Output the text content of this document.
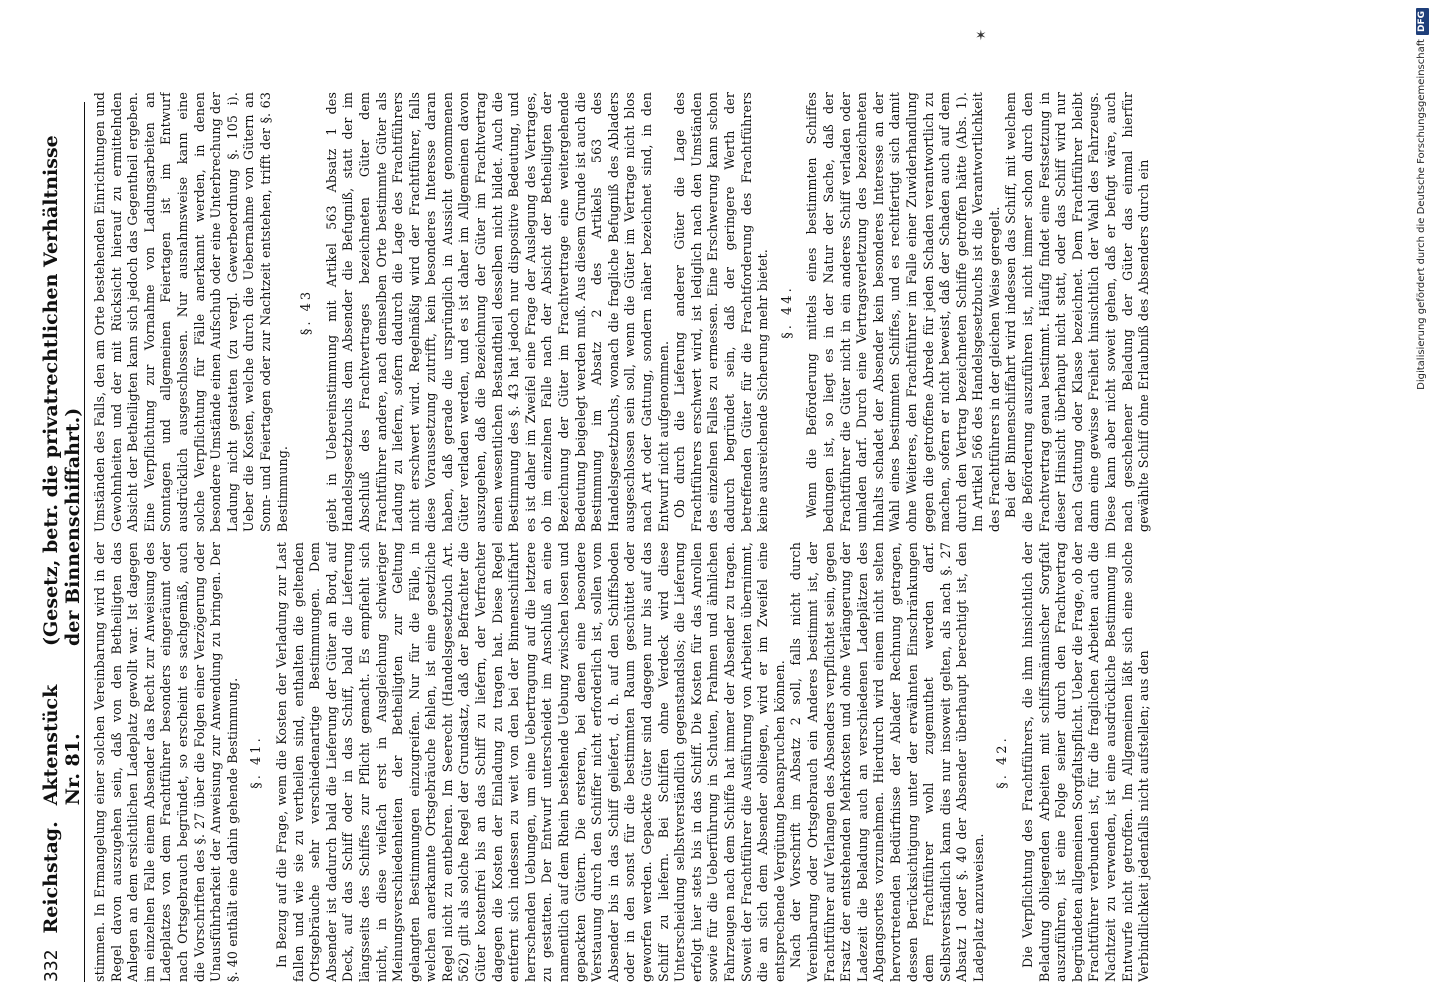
332
Reichstag.
Aktenstück Nr. 81.
(Gesetz, betr. die privatrechtlichen Verhältnisse der Binnenschiffahrt.)

stimmen. In Ermangelung einer solchen Vereinbarung wird in der Regel davon auszugehen sein, daß von den Betheiligten das Anlegen an dem ersichtlichen Ladeplatz gewollt war. Ist dagegen im einzelnen Falle einem Absender das Recht zur Anweisung des Ladeplatzes von dem Frachtführer besonders eingeräumt oder nach Ortsgebrauch begründet, so erscheint es sachgemäß, auch die Vorschriften des §. 27 über die Folgen einer Verzögerung oder Unausführbarkeit der Anweisung zur Anwendung zu bringen. Der §. 40 enthält eine dahin gehende Bestimmung. §. 41. In Bezug auf die Frage, wem die Kosten der Verladung zur Last fallen und wie sie zu vertheilen sind, enthalten die geltenden Ortsgebräuche sehr verschiedenartige Bestimmungen. Dem Absender ist dadurch bald die Lieferung der Güter an Bord, auf Deck, auf das Schiff oder in das Schiff, bald die Lieferung längsseits des Schiffes zur Pflicht gemacht. Es empfiehlt sich nicht, in diese vielfach erst in Ausgleichung schwieriger Meinungsverschiedenheiten der Betheiligten zur Geltung gelangten Bestimmungen einzugreifen. Nur für die Fälle, in welchen anerkannte Ortsgebräuche fehlen, ist eine gesetzliche Regel nicht zu entbehren. Im Seerecht (Handelsgesetzbuch Art. 562) gilt als solche Regel der Grundsatz, daß der Befrachter die Güter kostenfrei bis an das Schiff zu liefern, der Verfrachter dagegen die Kosten der Einladung zu tragen hat. Diese Regel entfernt sich indessen zu weit von den bei der Binnenschiffahrt herrschenden Uebungen, um eine Uebertragung auf die letztere zu gestatten. Der Entwurf unterscheidet im Anschluß an eine namentlich auf dem Rhein bestehende Uebung zwischen losen und gepackten Gütern. Die ersteren, bei denen eine besondere Verstauung durch den Schiffer nicht erforderlich ist, sollen vom Absender bis in das Schiff geliefert, d. h. auf den Schiffsboden oder in den sonst für die bestimmten Raum geschüttet oder geworfen werden. Gepackte Güter sind dagegen nur bis auf das Schiff zu liefern. Bei Schiffen ohne Verdeck wird diese Unterscheidung selbstverständlich gegenstandslos; die Lieferung erfolgt hier stets bis in das Schiff. Die Kosten für das Anrollen sowie für die Ueberführung in Schuten, Prahmen und ähnlichen Fahrzeugen nach dem Schiffe hat immer der Absender zu tragen. Soweit der Frachtführer die Ausführung von Arbeiten übernimmt, die an sich dem Absender obliegen, wird er im Zweifel eine entsprechende Vergütung beanspruchen können. Nach der Vorschrift im Absatz 2 soll, falls nicht durch Vereinbarung oder Ortsgebrauch ein Anderes bestimmt ist, der Frachtführer auf Verlangen des Absenders verpflichtet sein, gegen Ersatz der entstehenden Mehrkosten und ohne Verlängerung der Ladezeit die Beladung auch an verschiedenen Ladeplätzen des Abgangsortes vorzunehmen. Hierdurch wird einem nicht selten hervortretenden Bedürfnisse der Ablader Rechnung getragen, dessen Berücksichtigung unter der erwähnten Einschränkungen dem Frachtführer wohl zugemuthet werden darf. Selbstverständlich kann dies nur insoweit gelten, als nach §. 27 Absatz 1 oder §. 40 der Absender überhaupt berechtigt ist, den Ladeplatz anzuweisen.

§. 42. Die Verpflichtung des Frachtführers, die ihm hinsichtlich der Beladung obliegenden Arbeiten mit schiffsmännischer Sorgfalt auszuführen, ist eine Folge seiner durch den Frachtvertrag begründeten allgemeinen Sorgfaltspflicht. Ueber die Frage, ob der Frachtführer verbunden ist, für die fraglichen Arbeiten auch die Nachtzeit zu verwenden, ist eine ausdrückliche Bestimmung im Entwurfe nicht getroffen. Im Allgemeinen läßt sich eine solche Verbindlichkeit jedenfalls nicht aufstellen; aus den

Umständen des Falls, den am Orte bestehenden Einrichtungen und Gewohnheiten und der mit Rücksicht hierauf zu ermittelnden Absicht der Betheiligten kann sich jedoch das Gegentheil ergeben. Eine Verpflichtung zur Vornahme von Ladungsarbeiten an Sonntagen und allgemeinen Feiertagen ist im Entwurf ausdrücklich ausgeschlossen. Nur ausnahmsweise kann eine solche Verpflichtung für Fälle anerkannt werden, in denen besondere Umstände einen Aufschub oder eine Unterbrechung der Ladung nicht gestatten (zu vergl. Gewerbeordnung §. 105 i). Ueber die Kosten, welche durch die Uebernahme von Gütern an Sonn- und Feiertagen oder zur Nachtzeit entstehen, trifft der §. 63 Bestimmung.

§. 43 giebt in Uebereinstimmung mit Artikel 563 Absatz 1 des Handelsgesetzbuchs dem Absender die Befugniß, statt der im Abschluß des Frachtvertrages bezeichneten Güter dem Frachtführer andere, nach demselben Orte bestimmte Güter als Ladung zu liefern, sofern dadurch die Lage des Frachtführers nicht erschwert wird. Regelmäßig wird der Frachtführer, falls diese Voraussetzung zutrifft, kein besonderes Interesse daran haben, daß gerade die ursprünglich in Aussicht genommenen Güter verladen werden, und es ist daher im Allgemeinen davon auszugehen, daß die Bezeichnung der Güter im Frachtvertrag einen wesentlichen Bestandtheil desselben nicht bildet. Auch die Bestimmung des §. 43 hat jedoch nur dispositive Bedeutung, und es ist daher im Zweifel eine Frage der Auslegung des Vertrages, ob im einzelnen Falle nach der Absicht der Betheiligten der Bezeichnung der Güter im Frachtvertrage eine weitergehende Bedeutung beigelegt werden muß. Aus diesem Grunde ist auch die Bestimmung im Absatz 2 des Artikels 563 des Handelsgesetzbuchs, wonach die fragliche Befugniß des Abladers ausgeschlossen sein soll, wenn die Güter im Vertrage nicht blos nach Art oder Gattung, sondern näher bezeichnet sind, in den Entwurf nicht aufgenommen. Ob durch die Lieferung anderer Güter die Lage des Frachtführers erschwert wird, ist lediglich nach den Umständen des einzelnen Falles zu ermessen. Eine Erschwerung kann schon dadurch begründet sein, daß der geringere Werth der betreffenden Güter für die Frachtforderung des Frachtführers keine ausreichende Sicherung mehr bietet. §. 44. Wenn die Beförderung mittels eines bestimmten Schiffes bedungen ist, so liegt es in der Natur der Sache, daß der Frachtführer die Güter nicht in ein anderes Schiff verladen oder umladen darf. Durch eine Vertragsverletzung des bezeichneten Inhalts schadet der Absender kein besonderes Interesse an der Wahl eines bestimmten Schiffes, und es rechtfertigt sich damit ohne Weiteres, den Frachtführer im Falle einer Zuwiderhandlung gegen die getroffene Abrede für jeden Schaden verantwortlich zu machen, sofern er nicht beweist, daß der Schaden auch auf dem durch den Vertrag bezeichneten Schiffe getroffen hätte (Abs. 1). Im Artikel 566 des Handelsgesetzbuchs ist die Verantwortlichkeit des Frachtführers in der gleichen Weise geregelt. Bei der Binnenschiffahrt wird indessen das Schiff, mit welchem die Beförderung auszuführen ist, nicht immer schon durch den Frachtvertrag genau bestimmt. Häufig findet eine Festsetzung in dieser Hinsicht überhaupt nicht statt, oder das Schiff wird nur nach Gattung oder Klasse bezeichnet. Dem Frachtführer bleibt dann eine gewisse Freiheit hinsichtlich der Wahl des Fahrzeugs. Diese kann aber nicht soweit gehen, daß er befugt wäre, auch nach geschehener Beladung der Güter das einmal hierfür gewählte Schiff ohne Erlaubniß des Absenders durch ein

✶
Digitalisierung gefördert durch die Deutsche Forschungsgemeinschaft
DFG
